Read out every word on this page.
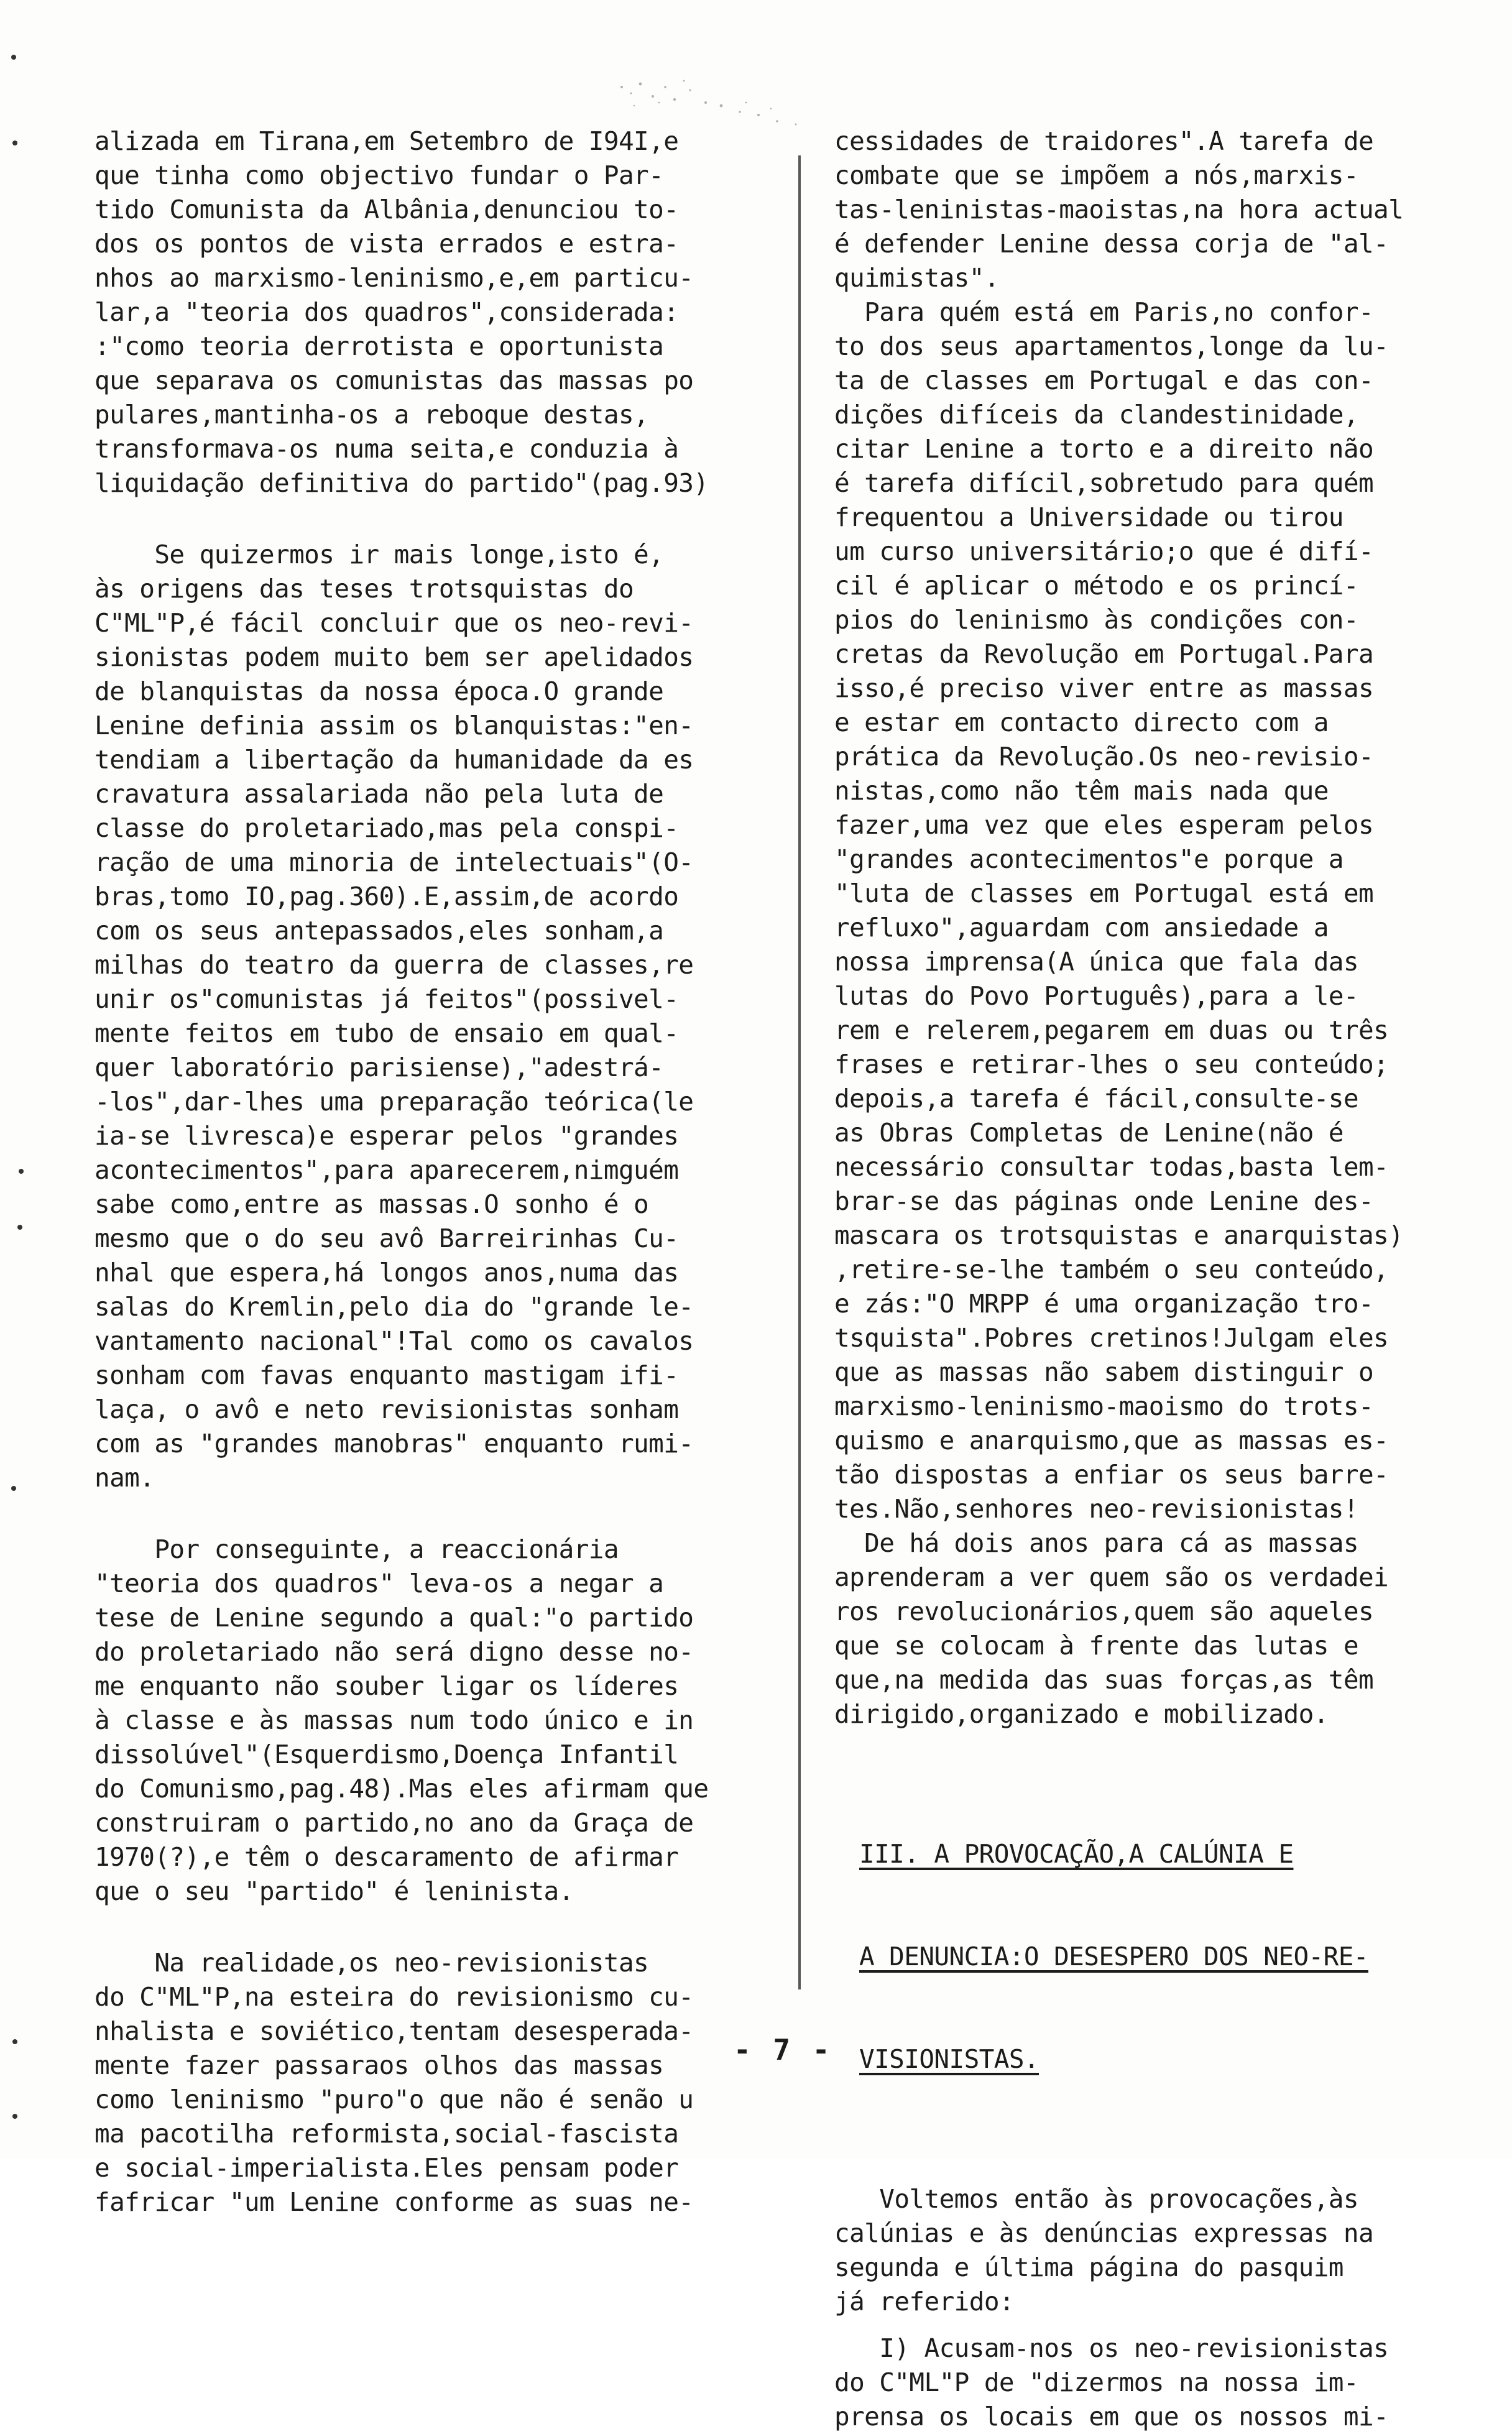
alizada em Tirana,em Setembro de I94I,e
que tinha como objectivo fundar o Par-
tido Comunista da Albânia,denunciou to-
dos os pontos de vista errados e estra-
nhos ao marxismo-leninismo,e,em particu-
lar,a "teoria dos quadros",considerada:
:"como teoria derrotista e oportunista
que separava os comunistas das massas po
pulares,mantinha-os a reboque destas,
transformava-os numa seita,e conduzia à
liquidação definitiva do partido"(pag.93)

Se quizermos ir mais longe,isto é,
às origens das teses trotsquistas do
C"ML"P,é fácil concluir que os neo-revi-
sionistas podem muito bem ser apelidados
de blanquistas da nossa época.O grande
Lenine definia assim os blanquistas:"en-
tendiam a libertação da humanidade da es
cravatura assalariada não pela luta de
classe do proletariado,mas pela conspi-
ração de uma minoria de intelectuais"(O-
bras,tomo IO,pag.360).E,assim,de acordo
com os seus antepassados,eles sonham,a
milhas do teatro da guerra de classes,re
unir os"comunistas já feitos"(possivel-
mente feitos em tubo de ensaio em qual-
quer laboratório parisiense),"adestrá-
-los",dar-lhes uma preparação teórica(le
ia-se livresca)e esperar pelos "grandes
acontecimentos",para aparecerem,nimguém
sabe como,entre as massas.O sonho é o
mesmo que o do seu avô Barreirinhas Cu-
nhal que espera,há longos anos,numa das
salas do Kremlin,pelo dia do "grande le-
vantamento nacional"!Tal como os cavalos
sonham com favas enquanto mastigam ifi-
laça, o avô e neto revisionistas sonham
com as "grandes manobras" enquanto rumi-
nam.

Por conseguinte, a reaccionária
"teoria dos quadros" leva-os a negar a
tese de Lenine segundo a qual:"o partido
do proletariado não será digno desse no-
me enquanto não souber ligar os líderes
à classe e às massas num todo único e in
dissolúvel"(Esquerdismo,Doença Infantil
do Comunismo,pag.48).Mas eles afirmam que
construiram o partido,no ano da Graça de
1970(?),e têm o descaramento de afirmar
que o seu "partido" é leninista.

Na realidade,os neo-revisionistas
do C"ML"P,na esteira do revisionismo cu-
nhalista e soviético,tentam desesperada-
mente fazer passaraos olhos das massas
como leninismo "puro"o que não é senão u
ma pacotilha reformista,social-fascista
e social-imperialista.Eles pensam poder
fafricar "um Lenine conforme as suas ne-

cessidades de traidores".A tarefa de
combate que se impõem a nós,marxis-
tas-leninistas-maoistas,na hora actual
é defender Lenine dessa corja de "al-
quimistas".

Para quém está em Paris,no confor-
to dos seus apartamentos,longe da lu-
ta de classes em Portugal e das con-
dições difíceis da clandestinidade,
citar Lenine a torto e a direito não
é tarefa difícil,sobretudo para quém
frequentou a Universidade ou tirou
um curso universitário;o que é difí-
cil é aplicar o método e os princí-
pios do leninismo às condições con-
cretas da Revolução em Portugal.Para
isso,é preciso viver entre as massas
e estar em contacto directo com a
prática da Revolução.Os neo-revisio-
nistas,como não têm mais nada que
fazer,uma vez que eles esperam pelos
"grandes acontecimentos"e porque a
"luta de classes em Portugal está em
refluxo",aguardam com ansiedade a
nossa imprensa(A única que fala das
lutas do Povo Português),para a le-
rem e relerem,pegarem em duas ou três
frases e retirar-lhes o seu conteúdo;
depois,a tarefa é fácil,consulte-se
as Obras Completas de Lenine(não é
necessário consultar todas,basta lem-
brar-se das páginas onde Lenine des-
mascara os trotsquistas e anarquistas)
,retire-se-lhe também o seu conteúdo,
e zás:"O MRPP é uma organização tro-
tsquista".Pobres cretinos!Julgam eles
que as massas não sabem distinguir o
marxismo-leninismo-maoismo do trots-
quismo e anarquismo,que as massas es-
tão dispostas a enfiar os seus barre-
tes.Não,senhores neo-revisionistas!

De há dois anos para cá as massas
aprenderam a ver quem são os verdadei
ros revolucionários,quem são aqueles
que se colocam à frente das lutas e
que,na medida das suas forças,as têm
dirigido,organizado e mobilizado.

III. A PROVOCAÇÃO,A CALÚNIA E

A DENUNCIA:O DESESPERO DOS NEO-RE-

VISIONISTAS.

Voltemos então às provocações,às
calúnias e às denúncias expressas na
segunda e última página do pasquim
já referido:

I) Acusam-nos os neo-revisionistas
do C"ML"P de "dizermos na nossa im-
prensa os locais em que os nossos mi-

- 7 -
